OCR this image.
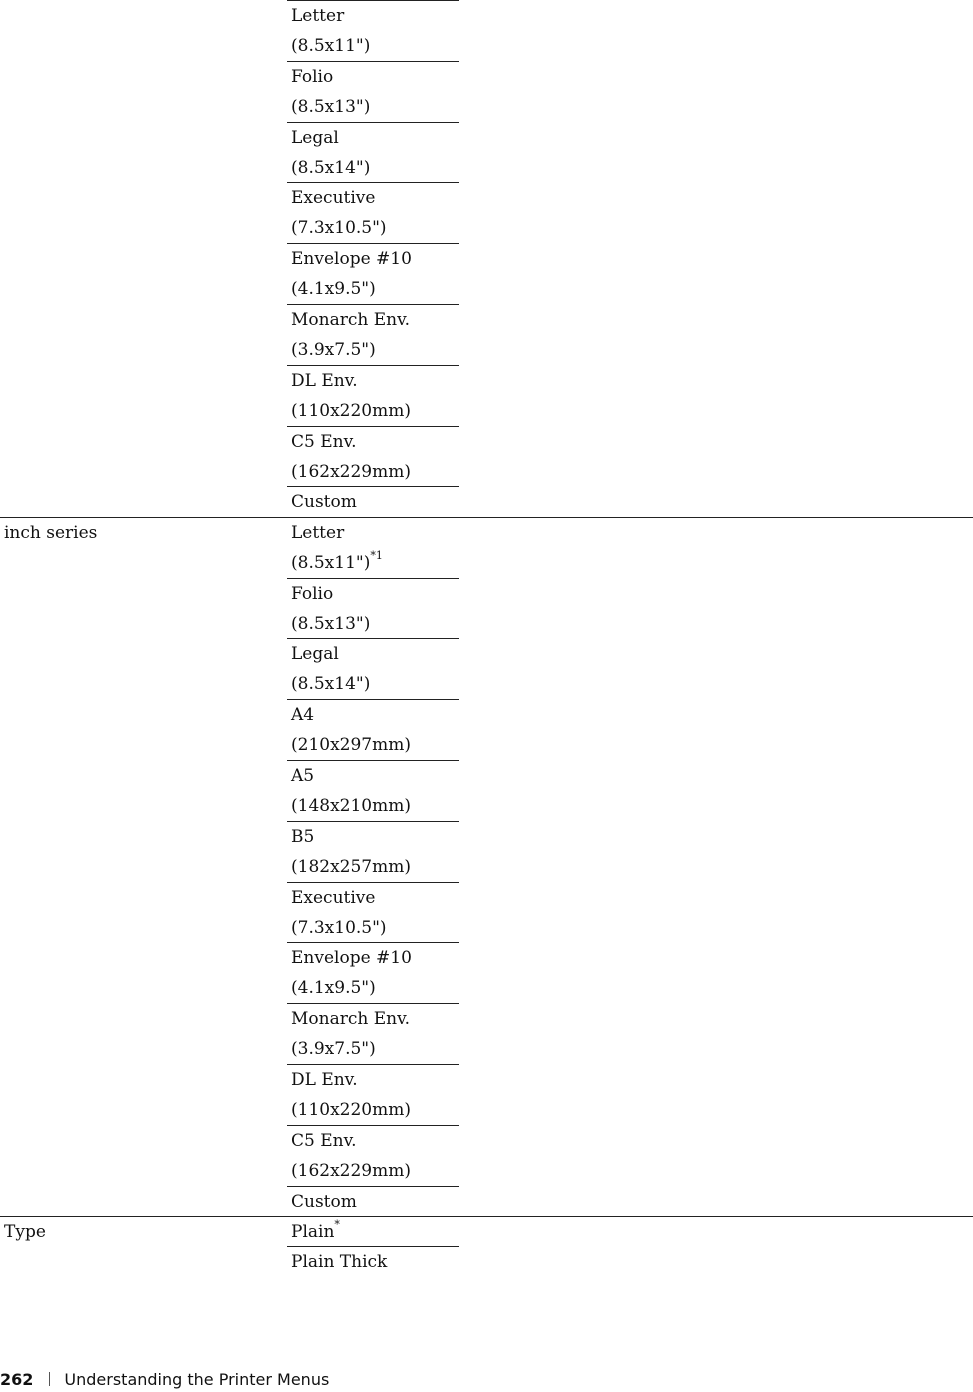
Letter
(8.5x11")
Folio
(8.5x13")
Legal
(8.5x14")
Executive
(7.3x10.5")
Envelope #10
(4.1x9.5")
Monarch Env.
(3.9x7.5")
DL Env.
(110x220mm)
C5 Env.
(162x229mm)
Custom
inch series	Letter
(8.5x11")$^{*1}$
Folio
(8.5x13")
Legal
(8.5x14")
A4
(210x297mm)
A5
(148x210mm)
B5
(182x257mm)
Executive
(7.3x10.5")
Envelope #10
(4.1x9.5")
Monarch Env.
(3.9x7.5")
DL Env.
(110x220mm)
C5 Env.
(162x229mm)
Custom
Type	Plain*
Plain Thick
262 Understanding the Printer Menus
